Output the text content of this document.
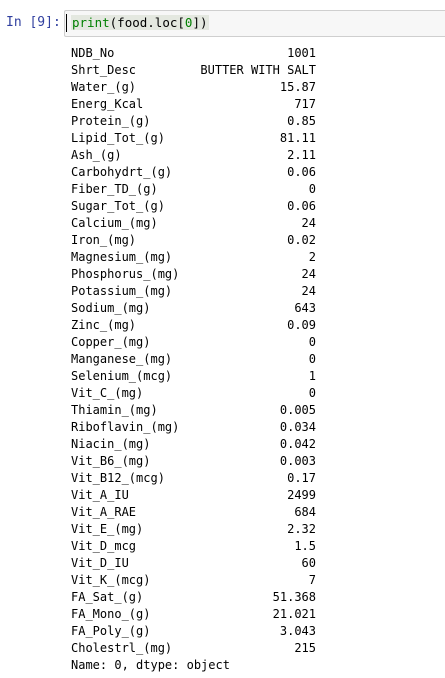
In [9]: print(food.loc[0])
NDB_No	1001
Shrt_Desc	BUTTER WITH SALT
Water_(g)	15.87
Energ_Kcal	717
Protein_(g)	0.85
Lipid_Tot_(g)	81.11
Ash_(g)	2.11
Carbohydrt_(g)	0.06
Fiber_TD_(g)	0
Sugar_Tot_(g)	0.06
Calcium_(mg)	24
Iron_(mg)	0.02
Magnesium_(mg)	2
Phosphorus_(mg)	24
Potassium_(mg)	24
Sodium_(mg)	643
Zinc_(mg)	0.09
Copper_(mg)	0
Manganese_(mg)	0
Selenium_(mcg)	1
Vit_C_(mg)	0
Thiamin_(mg)	0.005
Riboflavin_(mg)	0.034
Niacin_(mg)	0.042
Vit_B6_(mg)	0.003
Vit_B12_(mcg)	0.17
Vit_A_IU	2499
Vit_A_RAE	684
Vit_E_(mg)	2.32
Vit_D_mcg	1.5
Vit_D_IU	60
Vit_K_(mcg)	7
FA_Sat_(g)	51.368
FA_Mono_(g)	21.021
FA_Poly_(g)	3.043
Cholestrl_(mg)	215
Name: 0, dtype: object
